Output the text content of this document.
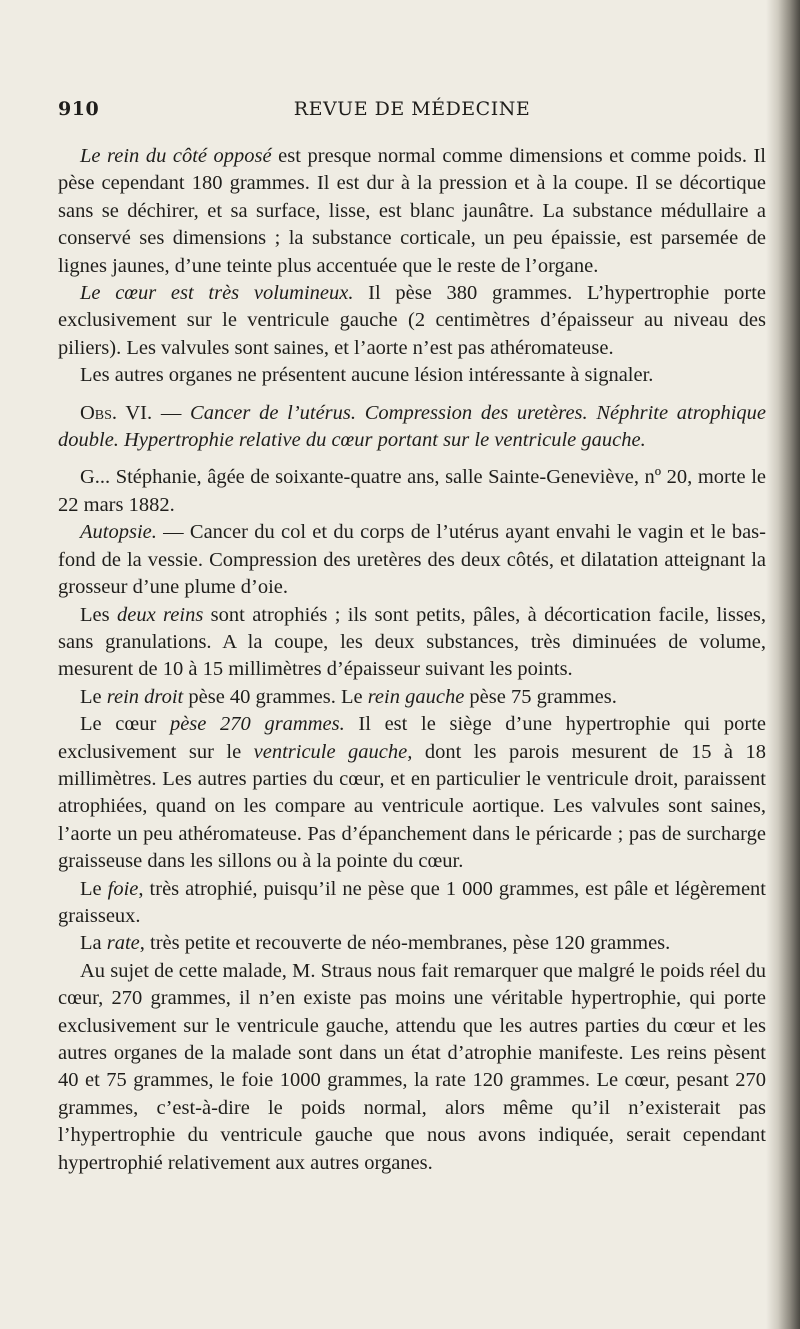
910	REVUE DE MÉDECINE

Le rein du côté opposé est presque normal comme dimensions et comme poids. Il pèse cependant 180 grammes. Il est dur à la pression et à la coupe. Il se décortique sans se déchirer, et sa surface, lisse, est blanc jaunâtre. La substance médullaire a conservé ses dimensions ; la substance corticale, un peu épaissie, est parsemée de lignes jaunes, d’une teinte plus accentuée que le reste de l’organe.

Le cœur est très volumineux. Il pèse 380 grammes. L’hypertrophie porte exclusivement sur le ventricule gauche (2 centimètres d’épaisseur au niveau des piliers). Les valvules sont saines, et l’aorte n’est pas athéromateuse.

Les autres organes ne présentent aucune lésion intéressante à signaler.

Obs. VI. — Cancer de l’utérus. Compression des uretères. Néphrite atrophique double. Hypertrophie relative du cœur portant sur le ventricule gauche.

G... Stéphanie, âgée de soixante-quatre ans, salle Sainte-Geneviève, nº 20, morte le 22 mars 1882.

Autopsie. — Cancer du col et du corps de l’utérus ayant envahi le vagin et le bas-fond de la vessie. Compression des uretères des deux côtés, et dilatation atteignant la grosseur d’une plume d’oie.

Les deux reins sont atrophiés ; ils sont petits, pâles, à décortication facile, lisses, sans granulations. A la coupe, les deux substances, très diminuées de volume, mesurent de 10 à 15 millimètres d’épaisseur suivant les points.

Le rein droit pèse 40 grammes. Le rein gauche pèse 75 grammes.

Le cœur pèse 270 grammes. Il est le siège d’une hypertrophie qui porte exclusivement sur le ventricule gauche, dont les parois mesurent de 15 à 18 millimètres. Les autres parties du cœur, et en particulier le ventricule droit, paraissent atrophiées, quand on les compare au ventricule aortique. Les valvules sont saines, l’aorte un peu athéromateuse. Pas d’épanchement dans le péricarde ; pas de surcharge graisseuse dans les sillons ou à la pointe du cœur.

Le foie, très atrophié, puisqu’il ne pèse que 1 000 grammes, est pâle et légèrement graisseux.

La rate, très petite et recouverte de néo-membranes, pèse 120 grammes.

Au sujet de cette malade, M. Straus nous fait remarquer que malgré le poids réel du cœur, 270 grammes, il n’en existe pas moins une véritable hypertrophie, qui porte exclusivement sur le ventricule gauche, attendu que les autres parties du cœur et les autres organes de la malade sont dans un état d’atrophie manifeste. Les reins pèsent 40 et 75 grammes, le foie 1000 grammes, la rate 120 grammes. Le cœur, pesant 270 grammes, c’est-à-dire le poids normal, alors même qu’il n’existerait pas l’hypertrophie du ventricule gauche que nous avons indiquée, serait cependant hypertrophié relativement aux autres organes.
